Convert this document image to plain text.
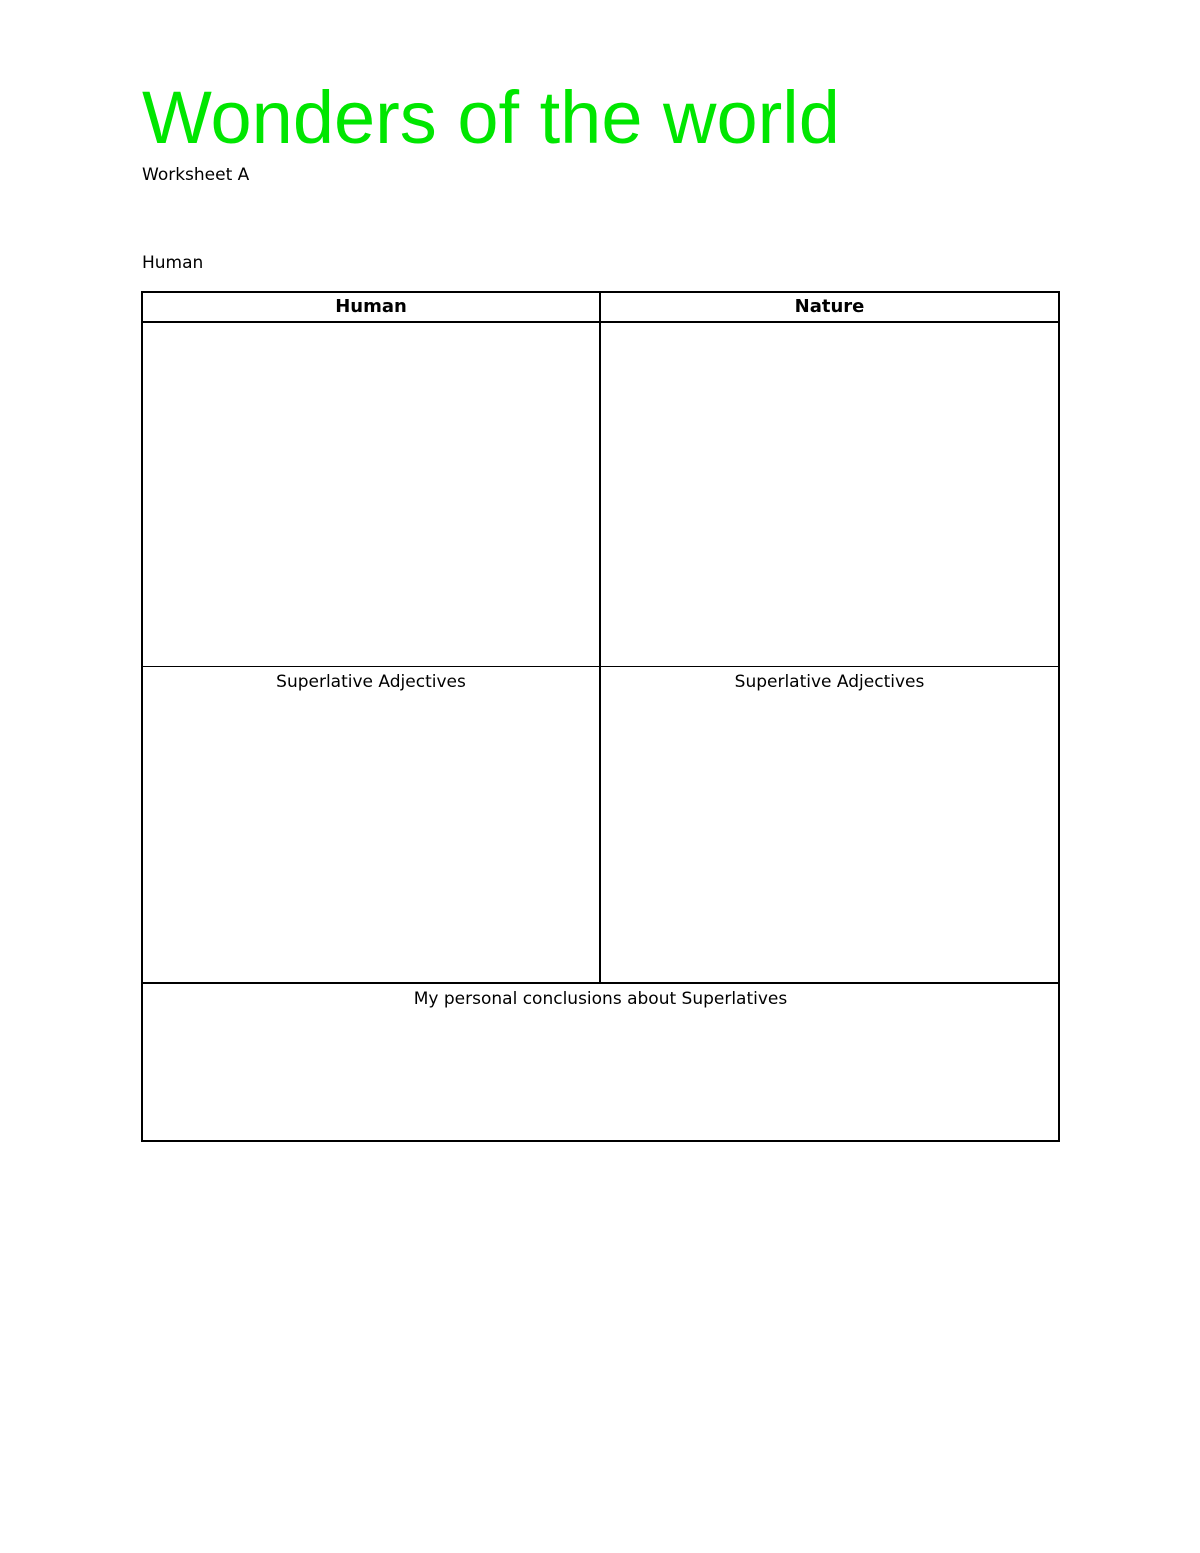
Wonders of the world
Worksheet A
Human
Human	Nature
Superlative Adjectives	Superlative Adjectives
My personal conclusions about Superlatives
